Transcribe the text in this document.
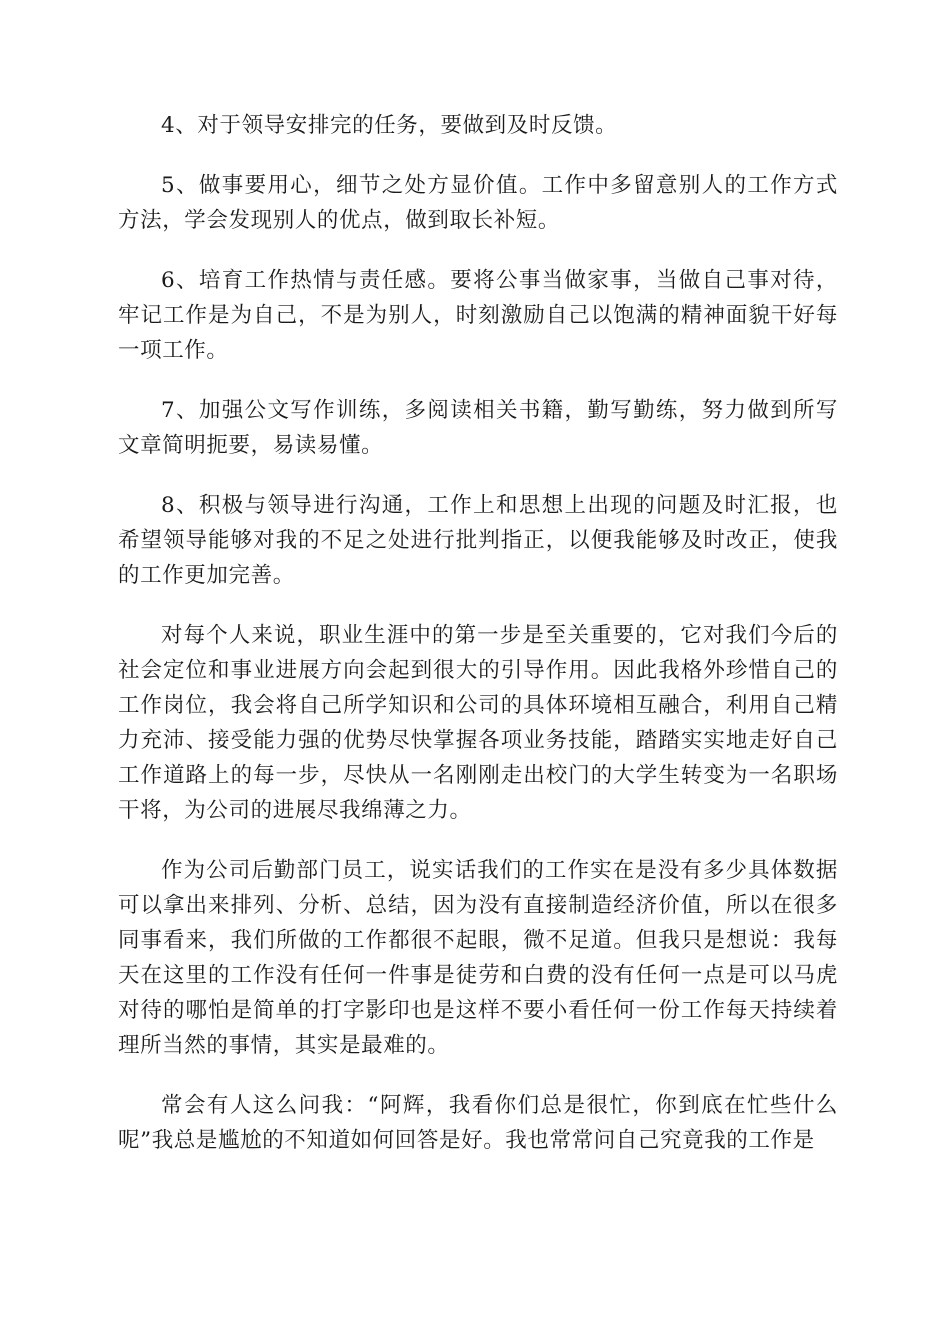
4、对于领导安排完的任务，要做到及时反馈。

5、做事要用心，细节之处方显价值。工作中多留意别人的工作方式方法，学会发现别人的优点，做到取长补短。

6、培育工作热情与责任感。要将公事当做家事，当做自己事对待，牢记工作是为自己，不是为别人，时刻激励自己以饱满的精神面貌干好每一项工作。

7、加强公文写作训练，多阅读相关书籍，勤写勤练，努力做到所写文章简明扼要，易读易懂。

8、积极与领导进行沟通，工作上和思想上出现的问题及时汇报，也希望领导能够对我的不足之处进行批判指正，以便我能够及时改正，使我的工作更加完善。

对每个人来说，职业生涯中的第一步是至关重要的，它对我们今后的社会定位和事业进展方向会起到很大的引导作用。因此我格外珍惜自己的工作岗位，我会将自己所学知识和公司的具体环境相互融合，利用自己精力充沛、接受能力强的优势尽快掌握各项业务技能，踏踏实实地走好自己工作道路上的每一步，尽快从一名刚刚走出校门的大学生转变为一名职场干将，为公司的进展尽我绵薄之力。

作为公司后勤部门员工，说实话我们的工作实在是没有多少具体数据可以拿出来排列、分析、总结，因为没有直接制造经济价值，所以在很多同事看来，我们所做的工作都很不起眼，微不足道。但我只是想说：我每天在这里的工作没有任何一件事是徒劳和白费的没有任何一点是可以马虎对待的哪怕是简单的打字影印也是这样不要小看任何一份工作每天持续着理所当然的事情，其实是最难的。

常会有人这么问我：“阿辉，我看你们总是很忙，你到底在忙些什么呢”我总是尴尬的不知道如何回答是好。我也常常问自己究竟我的工作是
